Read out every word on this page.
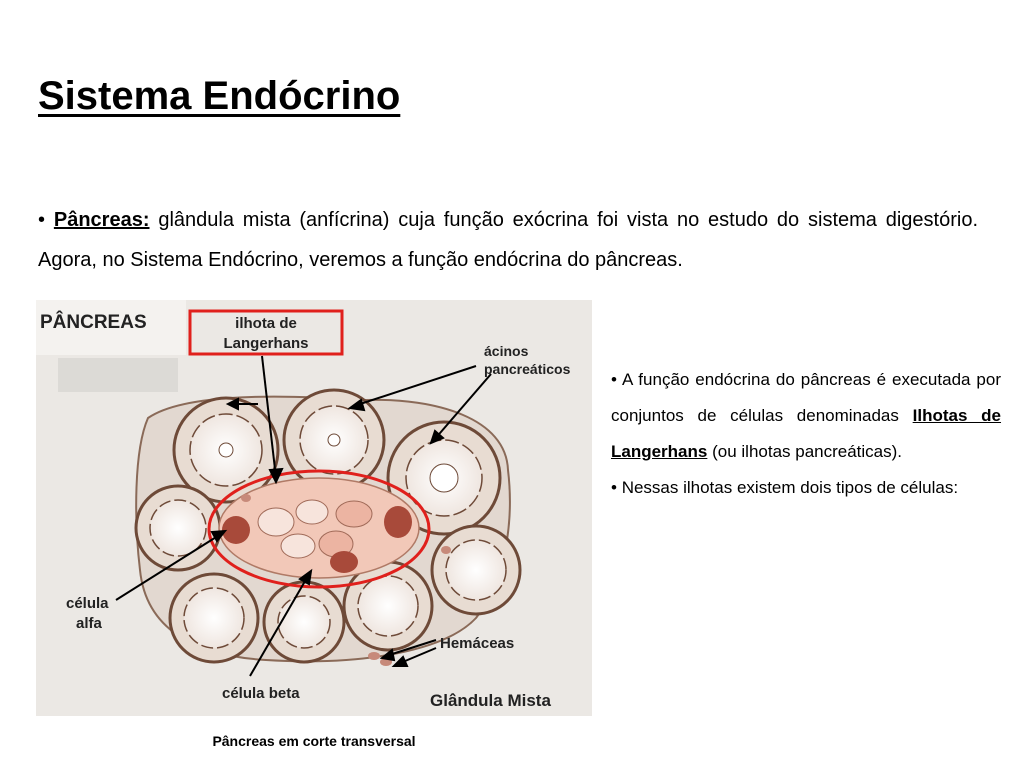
Sistema Endócrino

• Pâncreas: glândula mista (anfícrina) cuja função exócrina foi vista no estudo do sistema digestório. Agora, no Sistema Endócrino, veremos a função endócrina do pâncreas.

PÂNCREAS	ilhota de
Langerhans	ácinos
pancreáticos
célula
alfa
célula beta
Hemáceas
Glândula Mista

Pâncreas em corte transversal

• A função endócrina do pâncreas é executada por conjuntos de células denominadas Ilhotas de Langerhans (ou ilhotas pancreáticas).

• Nessas ilhotas existem dois tipos de células:
